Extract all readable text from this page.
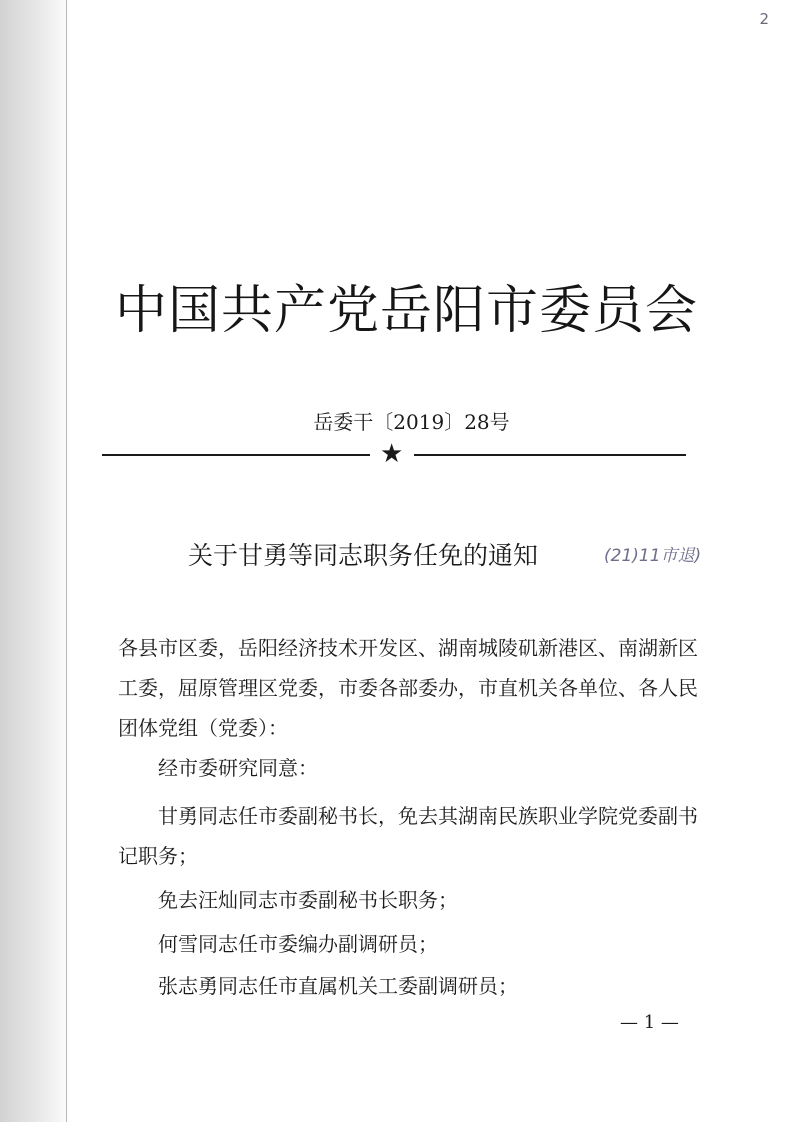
2
中国共产党岳阳市委员会
岳委干〔2019〕28号
★
关于甘勇等同志职务任免的通知	(21)11市退)
各县市区委，岳阳经济技术开发区、湖南城陵矶新港区、南湖新区工委，屈原管理区党委，市委各部委办，市直机关各单位、各人民团体党组（党委）：
经市委研究同意：
甘勇同志任市委副秘书长，免去其湖南民族职业学院党委副书记职务；
免去汪灿同志市委副秘书长职务；
何雪同志任市委编办副调研员；
张志勇同志任市直属机关工委副调研员；
— 1 —
